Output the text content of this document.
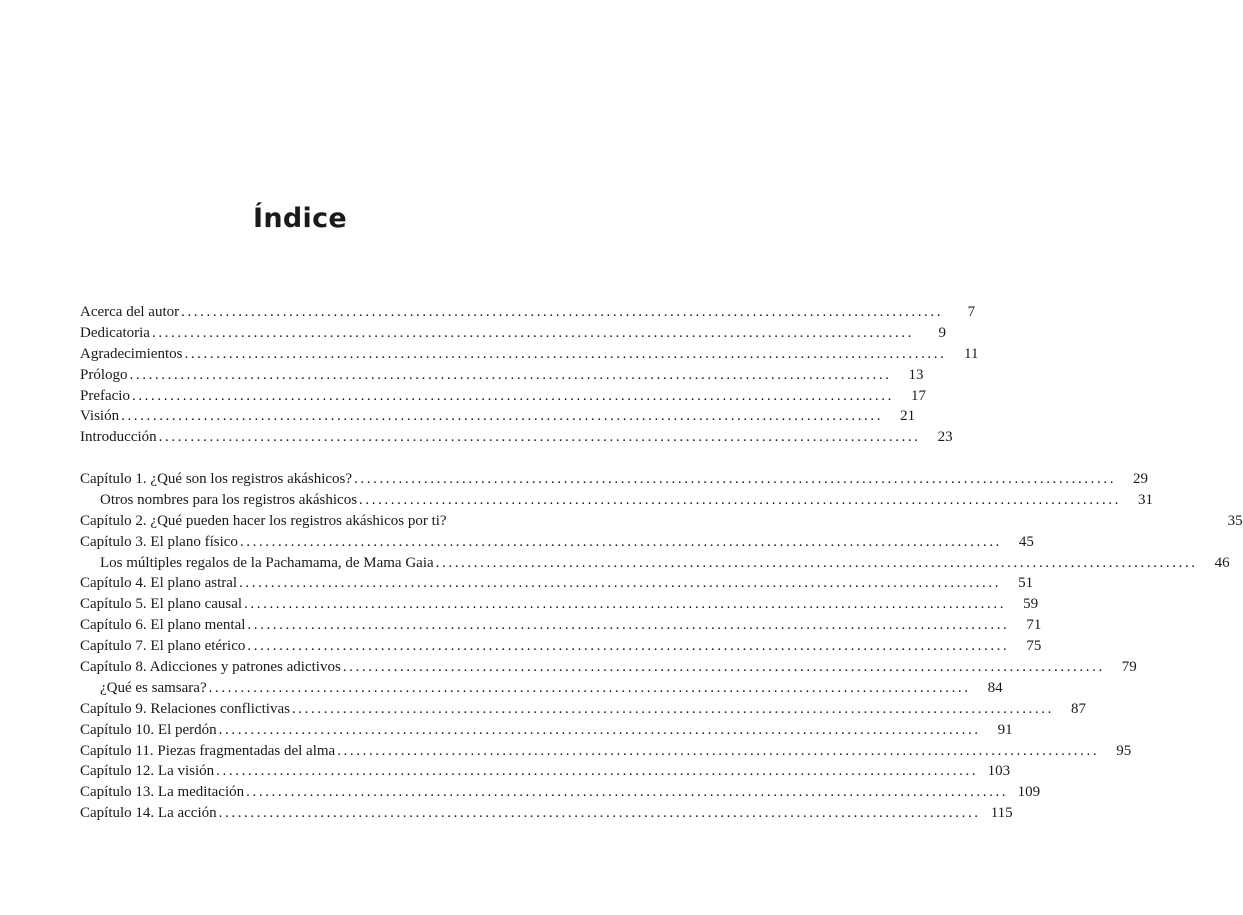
Índice
Acerca del autor ........................................................................................................................	7
Dedicatoria ........................................................................................................................	9
Agradecimientos ........................................................................................................................	11
Prólogo ........................................................................................................................	13
Prefacio ........................................................................................................................	17
Visión ........................................................................................................................	21
Introducción ........................................................................................................................	23
Capítulo 1. ¿Qué son los registros akáshicos? ........................................................................................................................	29
Otros nombres para los registros akáshicos ........................................................................................................................	31
Capítulo 2. ¿Qué pueden hacer los registros akáshicos por ti?	35
Capítulo 3. El plano físico ........................................................................................................................	45
Los múltiples regalos de la Pachamama, de Mama Gaia ........................................................................................................................	46
Capítulo 4. El plano astral ........................................................................................................................	51
Capítulo 5. El plano causal ........................................................................................................................	59
Capítulo 6. El plano mental ........................................................................................................................	71
Capítulo 7. El plano etérico ........................................................................................................................	75
Capítulo 8. Adicciones y patrones adictivos ........................................................................................................................	79
¿Qué es samsara? ........................................................................................................................	84
Capítulo 9. Relaciones conflictivas ........................................................................................................................	87
Capítulo 10. El perdón ........................................................................................................................	91
Capítulo 11. Piezas fragmentadas del alma ........................................................................................................................	95
Capítulo 12. La visión ........................................................................................................................ 103
Capítulo 13. La meditación ........................................................................................................................ 109
Capítulo 14. La acción ........................................................................................................................ 115
